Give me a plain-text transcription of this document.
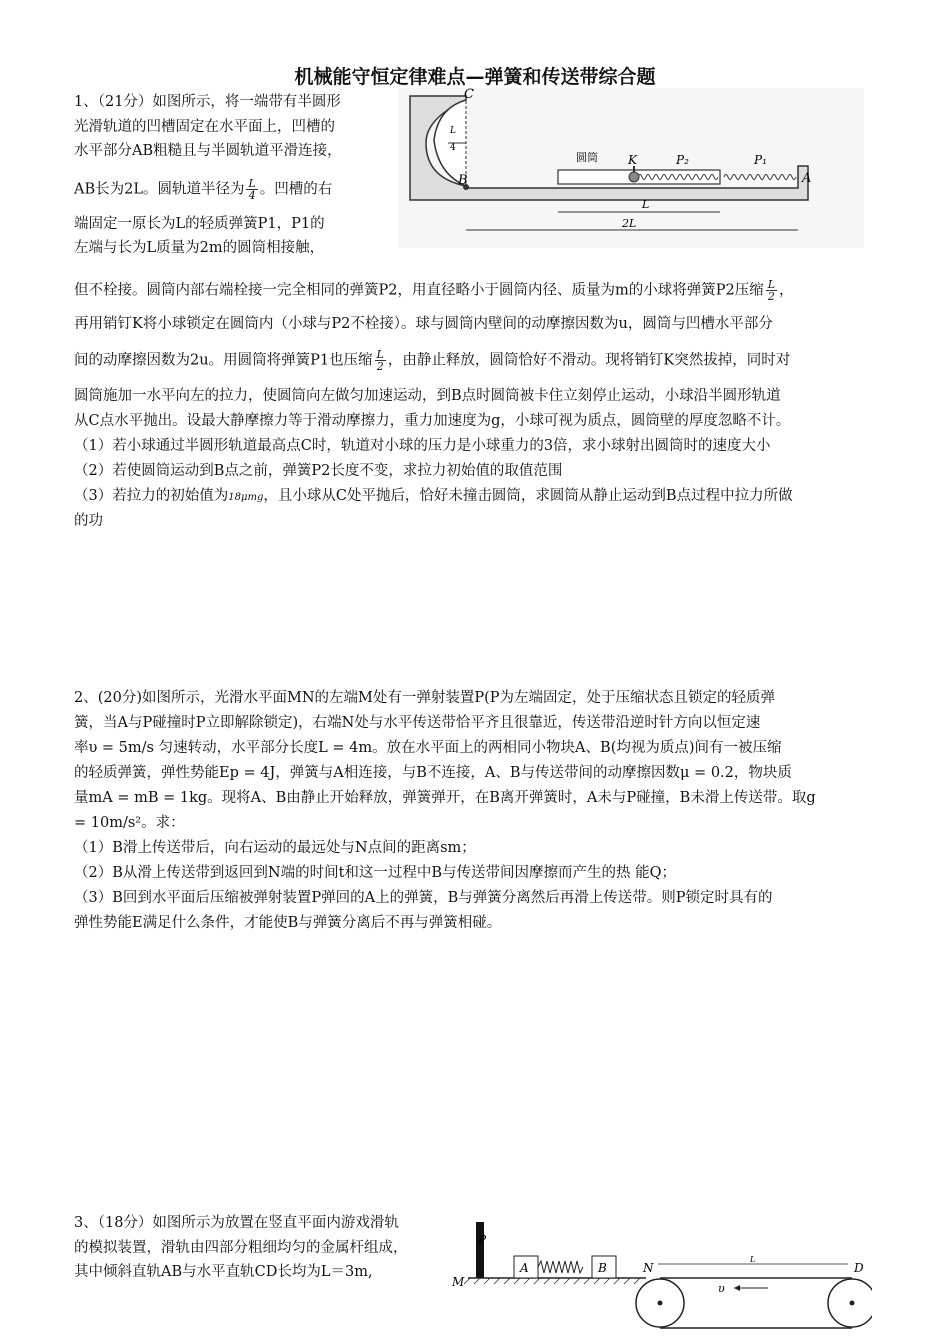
机械能守恒定律难点—弹簧和传送带综合题
1、（21分）如图所示，将一端带有半圆形
光滑轨道的凹槽固定在水平面上，凹槽的
水平部分AB粗糙且与半圆轨道平滑连接，
AB长为2L。圆轨道半径为 $\frac{L}{4}$ 。凹槽的右
端固定一原长为L的轻质弹簧P1，P1的
左端与长为L质量为2m的圆筒相接触，
但不栓接。圆筒内部右端栓接一完全相同的弹簧P2，用直径略小于圆筒内径、质量为m的小球将弹簧P2压缩 $\frac{L}{2}$ ，
再用销钉K将小球锁定在圆筒内（小球与P2不栓接）。球与圆筒内壁间的动摩擦因数为u，圆筒与凹槽水平部分
间的动摩擦因数为2u。用圆筒将弹簧P1也压缩 $\frac{L}{2}$ ，由静止释放，圆筒恰好不滑动。现将销钉K突然拔掉，同时对
圆筒施加一水平向左的拉力，使圆筒向左做匀加速运动，到B点时圆筒被卡住立刻停止运动，小球沿半圆形轨道
从C点水平抛出。设最大静摩擦力等于滑动摩擦力，重力加速度为g，小球可视为质点，圆筒壁的厚度忽略不计。
（1）若小球通过半圆形轨道最高点C时，轨道对小球的压力是小球重力的3倍，求小球射出圆筒时的速度大小
（2）若使圆筒运动到B点之前，弹簧P2长度不变，求拉力初始值的取值范围
（3）若拉力的初始值为18μmg，且小球从C处平抛后，恰好未撞击圆筒，求圆筒从静止运动到B点过程中拉力所做
的功
L
4
C
B
圆筒	K	P₂	P₁
A
L
2L
2、(20分)如图所示，光滑水平面MN的左端M处有一弹射装置P(P为左端固定，处于压缩状态且锁定的轻质弹
簧，当A与P碰撞时P立即解除锁定)，右端N处与水平传送带恰平齐且很靠近，传送带沿逆时针方向以恒定速
率υ = 5m/s 匀速转动，水平部分长度L = 4m。放在水平面上的两相同小物块A、B(均视为质点)间有一被压缩
的轻质弹簧，弹性势能Ep = 4J，弹簧与A相连接，与B不连接，A、B与传送带间的动摩擦因数μ = 0.2，物块质
量mA = mB = 1kg。现将A、B由静止开始释放，弹簧弹开，在B离开弹簧时，A未与P碰撞，B未滑上传送带。取g
= 10m/s²。求：
（1）B滑上传送带后，向右运动的最远处与N点间的距离sm；
（2）B从滑上传送带到返回到N端的时间t和这一过程中B与传送带间因摩擦而产生的热 能Q；
（3）B回到水平面后压缩被弹射装置P弹回的A上的弹簧，B与弹簧分离然后再滑上传送带。则P锁定时具有的
弹性势能E满足什么条件，才能使B与弹簧分离后不再与弹簧相碰。
3、（18分）如图所示为放置在竖直平面内游戏滑轨
的模拟装置，滑轨由四部分粗细均匀的金属杆组成，
其中倾斜直轨AB与水平直轨CD长均为L＝3m,
P
M
A	B	N	D
L
υ
